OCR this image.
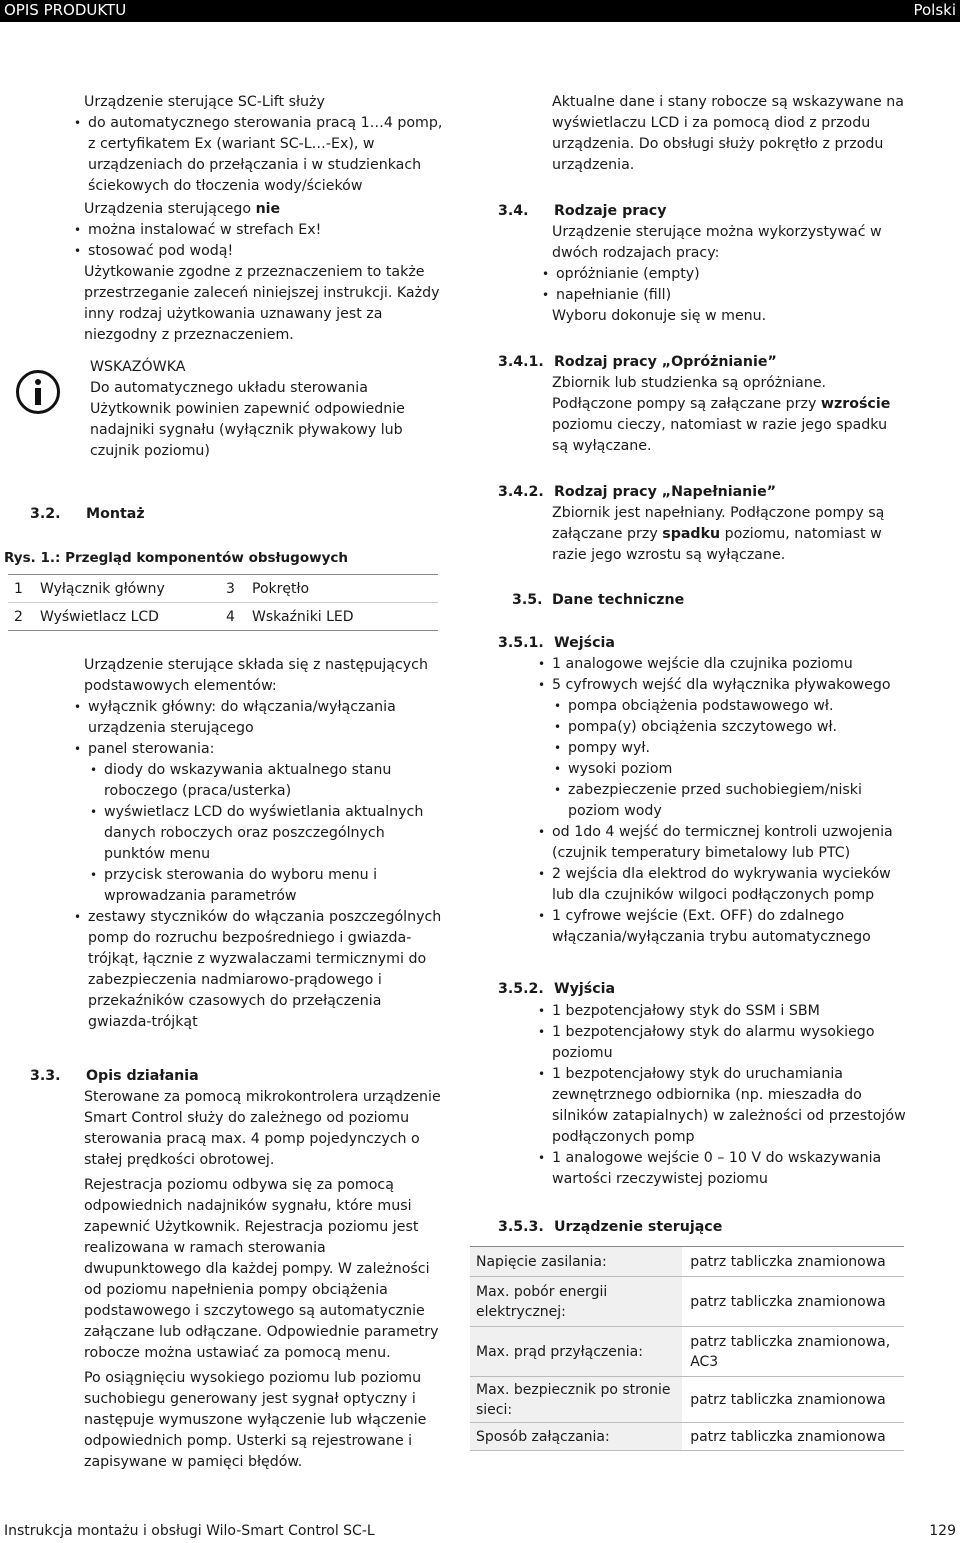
OPIS PRODUKTU	Polski

Urządzenie sterujące SC-Lift służy

• do automatycznego sterowania pracą 1…4 pomp, z certyfikatem Ex (wariant SC-L…-Ex), w urządzeniach do przełączania i w studzienkach ściekowych do tłoczenia wody/ścieków

Urządzenia sterującego nie

• można instalować w strefach Ex!

• stosować pod wodą!

Użytkowanie zgodne z przeznaczeniem to także przestrzeganie zaleceń niniejszej instrukcji. Każdy inny rodzaj użytkowania uznawany jest za niezgodny z przeznaczeniem.

WSKAZÓWKA

Do automatycznego układu sterowania Użytkownik powinien zapewnić odpowiednie nadajniki sygnału (wyłącznik pływakowy lub czujnik poziomu)

3.2. Montaż
Rys. 1.: Przegląd komponentów obsługowych
1	Wyłącznik główny	3	Pokrętło
2	Wyświetlacz LCD	4	Wskaźniki LED

Urządzenie sterujące składa się z następujących podstawowych elementów:

• wyłącznik główny: do włączania/wyłączania urządzenia sterującego

• panel sterowania:

• diody do wskazywania aktualnego stanu roboczego (praca/usterka)

• wyświetlacz LCD do wyświetlania aktualnych danych roboczych oraz poszczególnych punktów menu

• przycisk sterowania do wyboru menu i wprowadzania parametrów

• zestawy styczników do włączania poszczególnych pomp do rozruchu bezpośredniego i gwiazda-trójkąt, łącznie z wyzwalaczami termicznymi do zabezpieczenia nadmiarowo-prądowego i przekaźników czasowych do przełączenia gwiazda-trójkąt

3.3. Opis działania

Sterowane za pomocą mikrokontrolera urządzenie Smart Control służy do zależnego od poziomu sterowania pracą max. 4 pomp pojedynczych o stałej prędkości obrotowej.

Rejestracja poziomu odbywa się za pomocą odpowiednich nadajników sygnału, które musi zapewnić Użytkownik. Rejestracja poziomu jest realizowana w ramach sterowania dwupunktowego dla każdej pompy. W zależności od poziomu napełnienia pompy obciążenia podstawowego i szczytowego są automatycznie załączane lub odłączane. Odpowiednie parametry robocze można ustawiać za pomocą menu.

Po osiągnięciu wysokiego poziomu lub poziomu suchobiegu generowany jest sygnał optyczny i następuje wymuszone wyłączenie lub włączenie odpowiednich pomp. Usterki są rejestrowane i zapisywane w pamięci błędów.

Aktualne dane i stany robocze są wskazywane na wyświetlaczu LCD i za pomocą diod z przodu urządzenia. Do obsługi służy pokrętło z przodu urządzenia.
3.4. Rodzaje pracy

Urządzenie sterujące można wykorzystywać w dwóch rodzajach pracy:

• opróżnianie (empty)

• napełnianie (fill)

Wyboru dokonuje się w menu.

3.4.1. Rodzaj pracy „Opróżnianie”
Zbiornik lub studzienka są opróżniane. Podłączone pompy są załączane przy wzroście poziomu cieczy, natomiast w razie jego spadku są wyłączane.
3.4.2. Rodzaj pracy „Napełnianie”
Zbiornik jest napełniany. Podłączone pompy są załączane przy spadku poziomu, natomiast w razie jego wzrostu są wyłączane.
3.5. Dane techniczne
3.5.1. Wejścia

• 1 analogowe wejście dla czujnika poziomu

• 5 cyfrowych wejść dla wyłącznika pływakowego

• pompa obciążenia podstawowego wł.

• pompa(y) obciążenia szczytowego wł.

• pompy wył.

• wysoki poziom

• zabezpieczenie przed suchobiegiem/niski poziom wody

• od 1do 4 wejść do termicznej kontroli uzwojenia (czujnik temperatury bimetalowy lub PTC)

• 2 wejścia dla elektrod do wykrywania wycieków lub dla czujników wilgoci podłączonych pomp

• 1 cyfrowe wejście (Ext. OFF) do zdalnego włączania/wyłączania trybu automatycznego

3.5.2. Wyjścia

• 1 bezpotencjałowy styk do SSM i SBM

• 1 bezpotencjałowy styk do alarmu wysokiego poziomu

• 1 bezpotencjałowy styk do uruchamiania zewnętrznego odbiornika (np. mieszadła do silników zatapialnych) w zależności od przestojów podłączonych pomp

• 1 analogowe wejście 0 – 10 V do wskazywania wartości rzeczywistej poziomu

3.5.3. Urządzenie sterujące
Napięcie zasilania:	patrz tabliczka znamionowa
Max. pobór energii elektrycznej:	patrz tabliczka znamionowa
Max. prąd przyłączenia:	patrz tabliczka znamionowa, AC3
Max. bezpiecznik po stronie sieci:	patrz tabliczka znamionowa
Sposób załączania:	patrz tabliczka znamionowa
Instrukcja montażu i obsługi Wilo-Smart Control SC-L	129
